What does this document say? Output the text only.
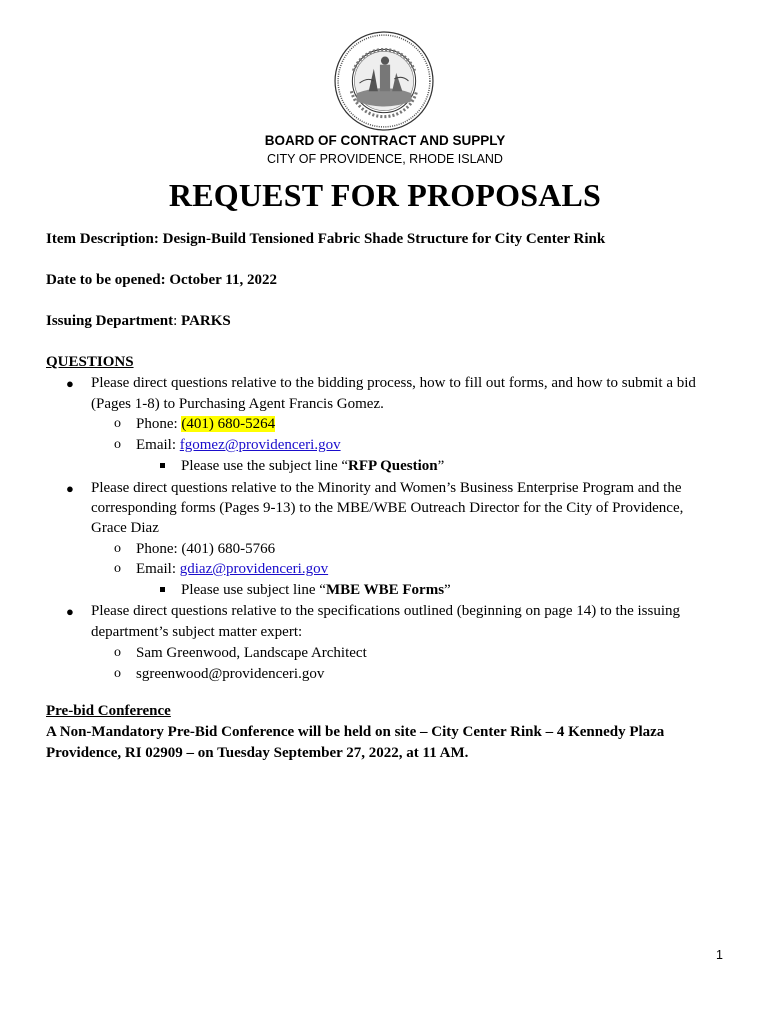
BOARD OF CONTRACT AND SUPPLY
CITY OF PROVIDENCE, RHODE ISLAND
REQUEST FOR PROPOSALS
Item Description: Design-Build Tensioned Fabric Shade Structure for City Center Rink
Date to be opened: October 11, 2022
Issuing Department: PARKS
QUESTIONS
● Please direct questions relative to the bidding process, how to fill out forms, and how to submit a bid
(Pages 1-8) to Purchasing Agent Francis Gomez.
o Phone: (401) 680-5264
o Email: fgomez@providenceri.gov
Please use the subject line “RFP Question”
● Please direct questions relative to the Minority and Women’s Business Enterprise Program and the
corresponding forms (Pages 9-13) to the MBE/WBE Outreach Director for the City of Providence,
Grace Diaz
o Phone: (401) 680-5766
o Email: gdiaz@providenceri.gov
Please use subject line “MBE WBE Forms”
● Please direct questions relative to the specifications outlined (beginning on page 14) to the issuing
department’s subject matter expert:
o Sam Greenwood, Landscape Architect
o sgreenwood@providenceri.gov
Pre-bid Conference
A Non-Mandatory Pre-Bid Conference will be held on site – City Center Rink – 4 Kennedy Plaza
Providence, RI 02909 – on Tuesday September 27, 2022, at 11 AM.
1
